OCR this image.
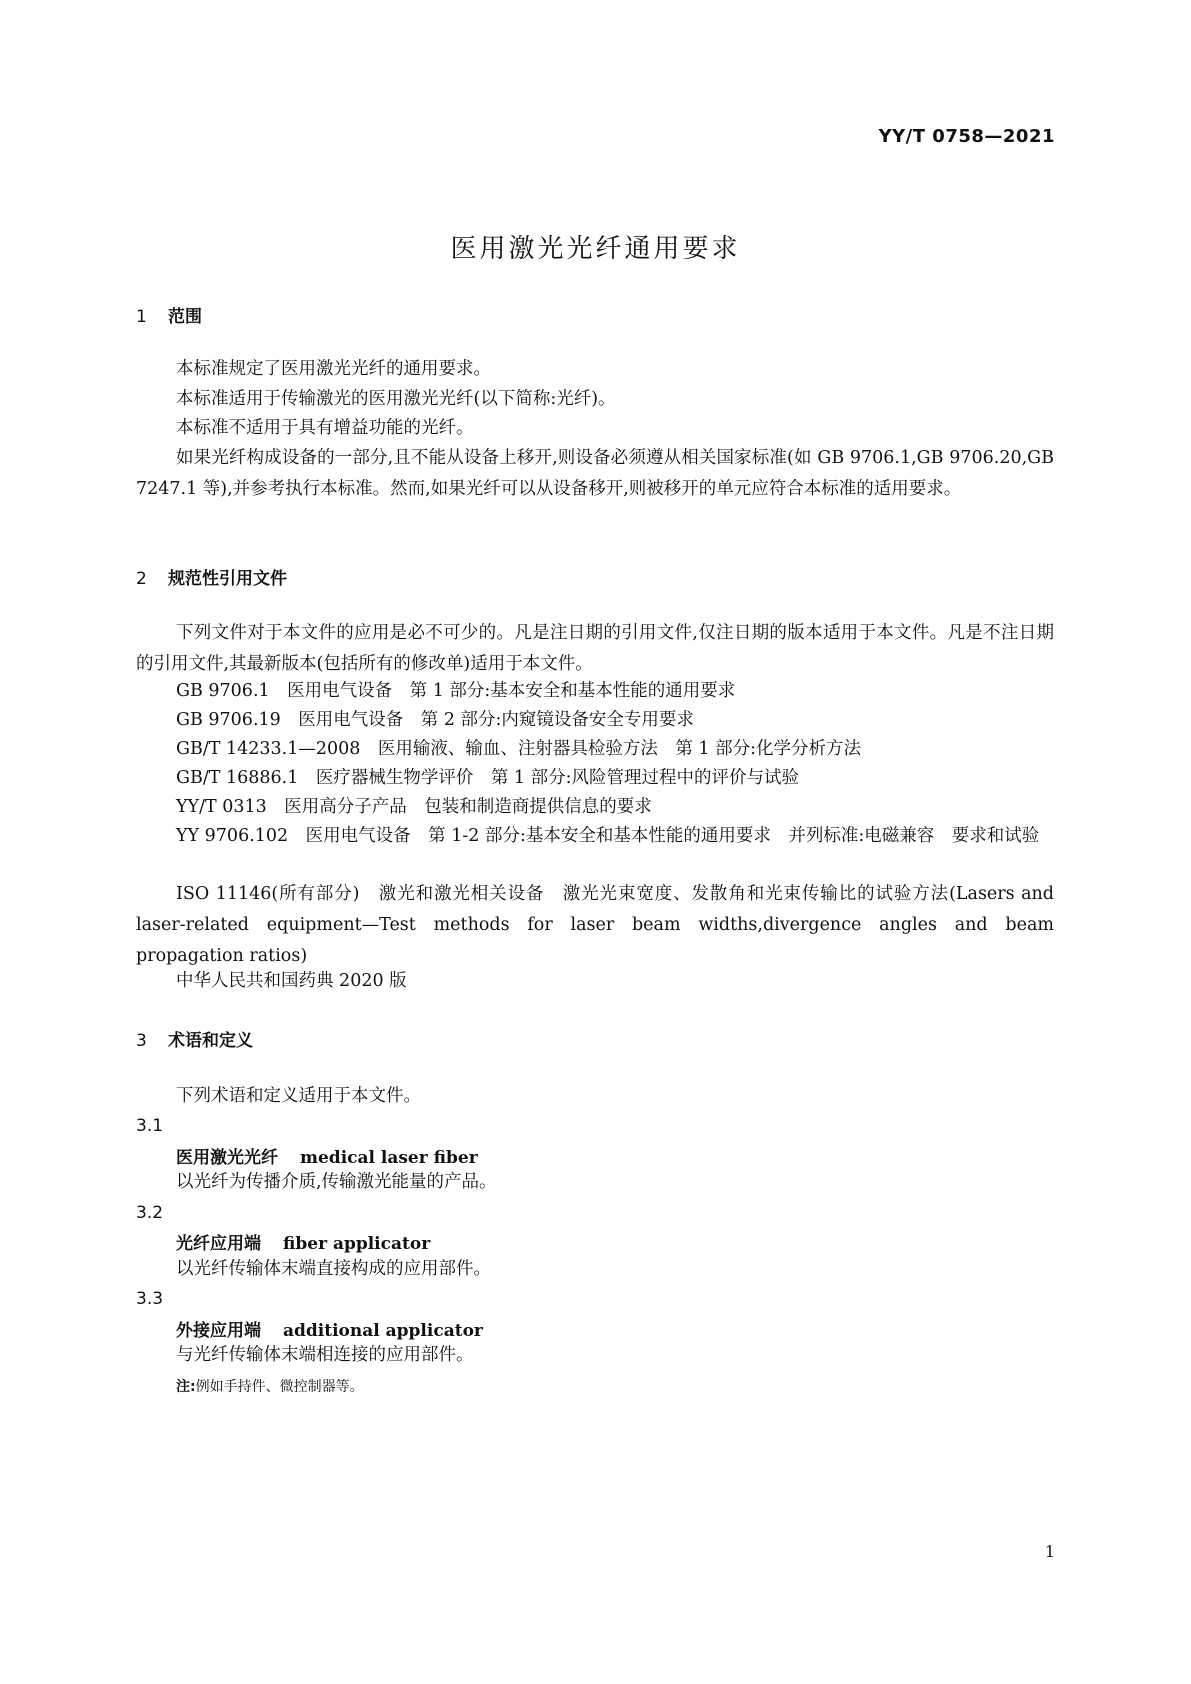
YY/T 0758—2021
医用激光光纤通用要求
1 范围
本标准规定了医用激光光纤的通用要求。
本标准适用于传输激光的医用激光光纤(以下简称:光纤)。
本标准不适用于具有增益功能的光纤。
如果光纤构成设备的一部分,且不能从设备上移开,则设备必须遵从相关国家标准(如 GB 9706.1,GB 9706.20,GB 7247.1 等),并参考执行本标准。然而,如果光纤可以从设备移开,则被移开的单元应符合本标准的适用要求。
2 规范性引用文件
下列文件对于本文件的应用是必不可少的。凡是注日期的引用文件,仅注日期的版本适用于本文件。凡是不注日期的引用文件,其最新版本(包括所有的修改单)适用于本文件。
GB 9706.1　医用电气设备　第 1 部分:基本安全和基本性能的通用要求
GB 9706.19　医用电气设备　第 2 部分:内窥镜设备安全专用要求
GB/T 14233.1—2008　医用输液、输血、注射器具检验方法　第 1 部分:化学分析方法
GB/T 16886.1　医疗器械生物学评价　第 1 部分:风险管理过程中的评价与试验
YY/T 0313　医用高分子产品　包装和制造商提供信息的要求
YY 9706.102　医用电气设备　第 1-2 部分:基本安全和基本性能的通用要求　并列标准:电磁兼容　要求和试验
ISO 11146(所有部分)　激光和激光相关设备　激光光束宽度、发散角和光束传输比的试验方法(Lasers and laser-related equipment—Test methods for laser beam widths,divergence angles and beam propagation ratios)
中华人民共和国药典 2020 版
3 术语和定义
下列术语和定义适用于本文件。
3.1
医用激光光纤 medical laser fiber
以光纤为传播介质,传输激光能量的产品。
3.2
光纤应用端 fiber applicator
以光纤传输体末端直接构成的应用部件。
3.3
外接应用端 additional applicator
与光纤传输体末端相连接的应用部件。
注:例如手持件、微控制器等。
1
